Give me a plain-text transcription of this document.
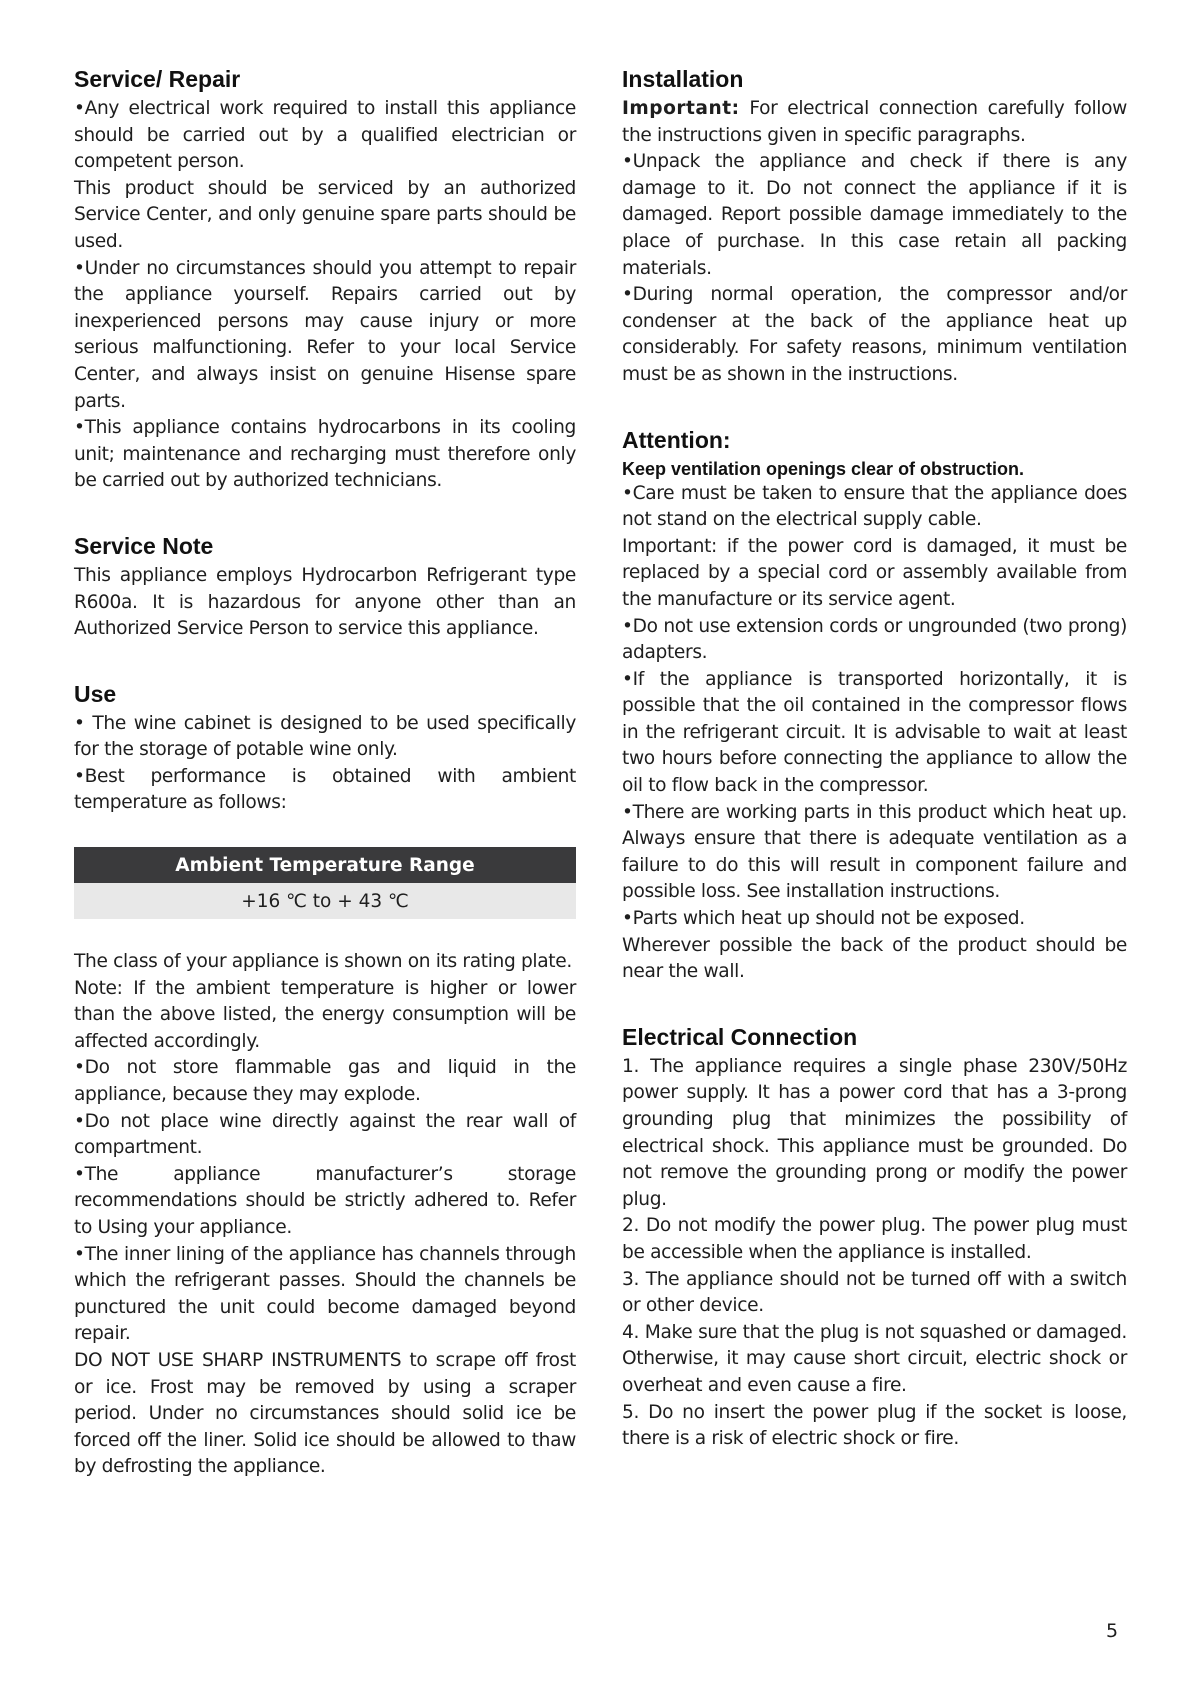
Service/ Repair

•Any electrical work required to install this appliance should be carried out by a qualified electrician or competent person.

This product should be serviced by an authorized Service Center, and only genuine spare parts should be used.

•Under no circumstances should you attempt to repair the appliance yourself. Repairs carried out by inexperienced persons may cause injury or more serious malfunctioning. Refer to your local Service Center, and always insist on genuine Hisense spare parts.

•This appliance contains hydrocarbons in its cooling unit; maintenance and recharging must therefore only be carried out by authorized technicians.

Service Note

This appliance employs Hydrocarbon Refrigerant type R600a. It is hazardous for anyone other than an Authorized Service Person to service this appliance.

Use

• The wine cabinet is designed to be used specifically for the storage of potable wine only.

•Best performance is obtained with ambient temperature as follows:

Ambient Temperature Range
+16 ℃ to + 43 ℃

The class of your appliance is shown on its rating plate.

Note: If the ambient temperature is higher or lower than the above listed, the energy consumption will be affected accordingly.

•Do not store flammable gas and liquid in the appliance, because they may explode.

•Do not place wine directly against the rear wall of compartment.

•The appliance manufacturer’s storage recommendations should be strictly adhered to. Refer to Using your appliance.

•The inner lining of the appliance has channels through which the refrigerant passes. Should the channels be punctured the unit could become damaged beyond repair.

DO NOT USE SHARP INSTRUMENTS to scrape off frost or ice. Frost may be removed by using a scraper period. Under no circumstances should solid ice be forced off the liner. Solid ice should be allowed to thaw by defrosting the appliance.

Installation

Important: For electrical connection carefully follow the instructions given in specific paragraphs.

•Unpack the appliance and check if there is any damage to it. Do not connect the appliance if it is damaged. Report possible damage immediately to the place of purchase. In this case retain all packing materials.

•During normal operation, the compressor and/or condenser at the back of the appliance heat up considerably. For safety reasons, minimum ventilation must be as shown in the instructions.

Attention:

Keep ventilation openings clear of obstruction.

•Care must be taken to ensure that the appliance does not stand on the electrical supply cable.

Important: if the power cord is damaged, it must be replaced by a special cord or assembly available from the manufacture or its service agent.

•Do not use extension cords or ungrounded (two prong) adapters.

•If the appliance is transported horizontally, it is possible that the oil contained in the compressor flows in the refrigerant circuit. It is advisable to wait at least two hours before connecting the appliance to allow the oil to flow back in the compressor.

•There are working parts in this product which heat up. Always ensure that there is adequate ventilation as a failure to do this will result in component failure and possible loss. See installation instructions.

•Parts which heat up should not be exposed.

Wherever possible the back of the product should be near the wall.

Electrical Connection

1. The appliance requires a single phase 230V/50Hz power supply. It has a power cord that has a 3-prong grounding plug that minimizes the possibility of electrical shock. This appliance must be grounded. Do not remove the grounding prong or modify the power plug.

2. Do not modify the power plug. The power plug must be accessible when the appliance is installed.

3. The appliance should not be turned off with a switch or other device.

4. Make sure that the plug is not squashed or damaged. Otherwise, it may cause short circuit, electric shock or overheat and even cause a fire.

5. Do no insert the power plug if the socket is loose, there is a risk of electric shock or fire.

5
